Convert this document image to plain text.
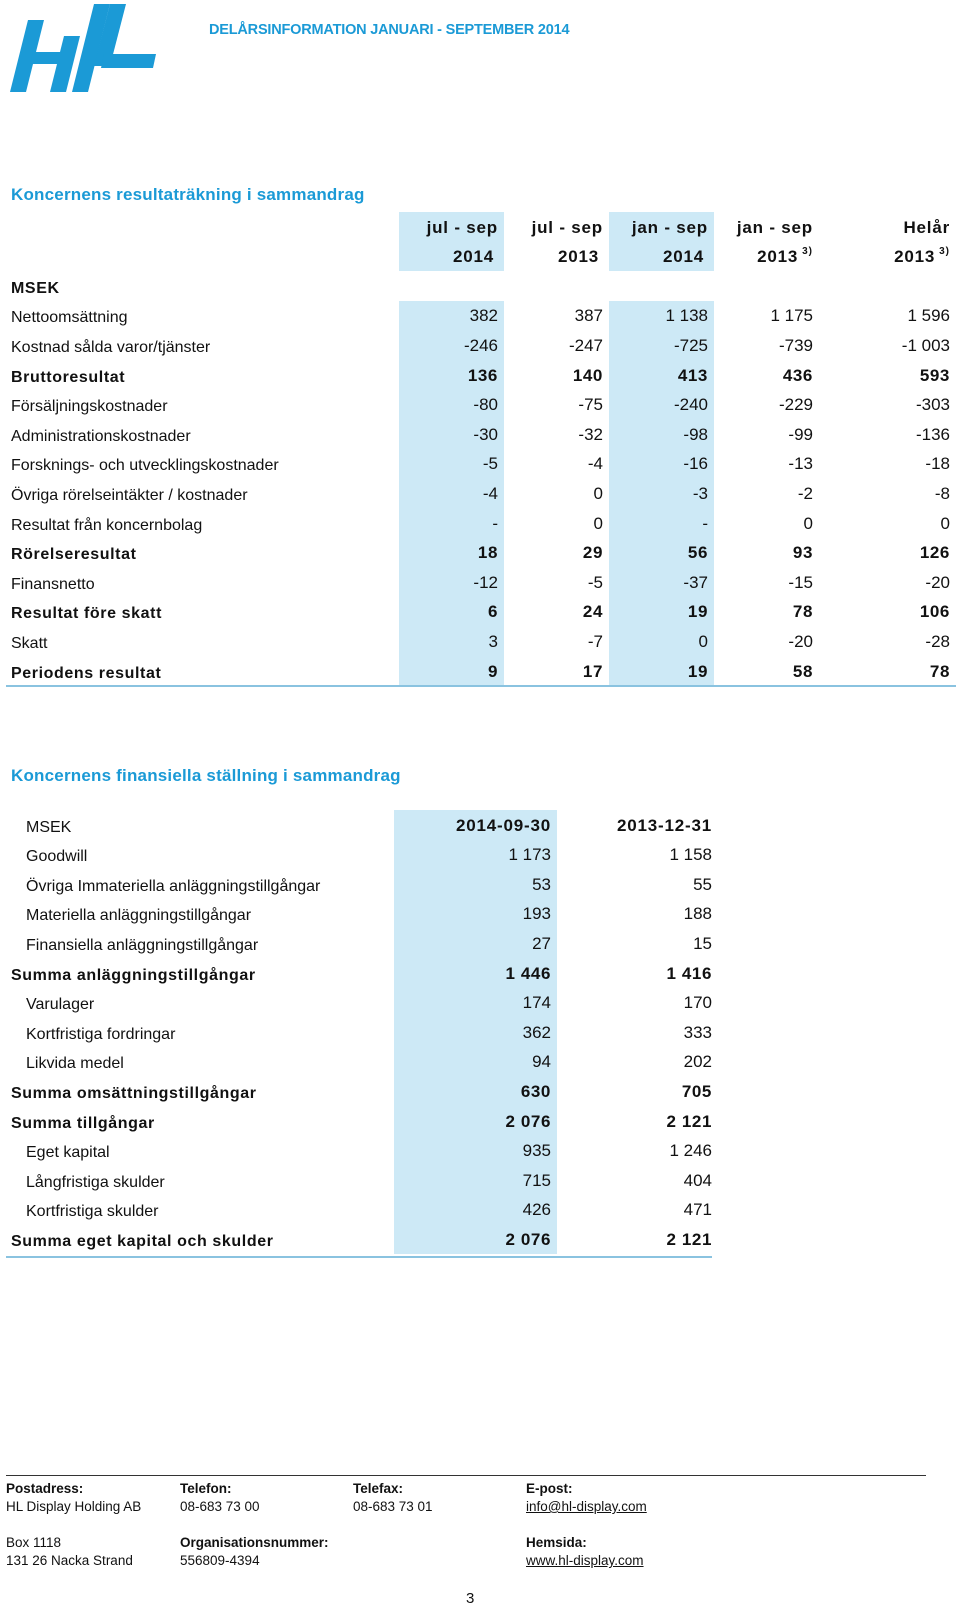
DELÅRSINFORMATION JANUARI - SEPTEMBER 2014
Koncernens resultaträkning i sammandrag
jul - sep	jul - sep	jan - sep	jan - sep	Helår
2014	2013	2014	2013 3)	2013 3)
MSEK
Nettoomsättning	382	387	1 138	1 175	1 596
Kostnad sålda varor/tjänster	-246	-247	-725	-739	-1 003
Bruttoresultat	136	140	413	436	593
Försäljningskostnader	-80	-75	-240	-229	-303
Administrationskostnader	-30	-32	-98	-99	-136
Forsknings- och utvecklingskostnader	-5	-4	-16	-13	-18
Övriga rörelseintäkter / kostnader	-4	0	-3	-2	-8
Resultat från koncernbolag	-	0	-	0	0
Rörelseresultat	18	29	56	93	126
Finansnetto	-12	-5	-37	-15	-20
Resultat före skatt	6	24	19	78	106
Skatt	3	-7	0	-20	-28
Periodens resultat	9	17	19	58	78
Koncernens finansiella ställning i sammandrag
MSEK	2014-09-30	2013-12-31
Goodwill	1 173	1 158
Övriga Immateriella anläggningstillgångar	53	55
Materiella anläggningstillgångar	193	188
Finansiella anläggningstillgångar	27	15
Summa anläggningstillgångar	1 446	1 416
Varulager	174	170
Kortfristiga fordringar	362	333
Likvida medel	94	202
Summa omsättningstillgångar	630	705
Summa tillgångar	2 076	2 121
Eget kapital	935	1 246
Långfristiga skulder	715	404
Kortfristiga skulder	426	471
Summa eget kapital och skulder	2 076	2 121
Postadress:
HL Display Holding AB
Box 1118
131 26 Nacka Strand
Telefon:
08-683 73 00
Organisationsnummer:
556809-4394
Telefax:
08-683 73 01
E-post:
info@hl-display.com
Hemsida:
www.hl-display.com
3
